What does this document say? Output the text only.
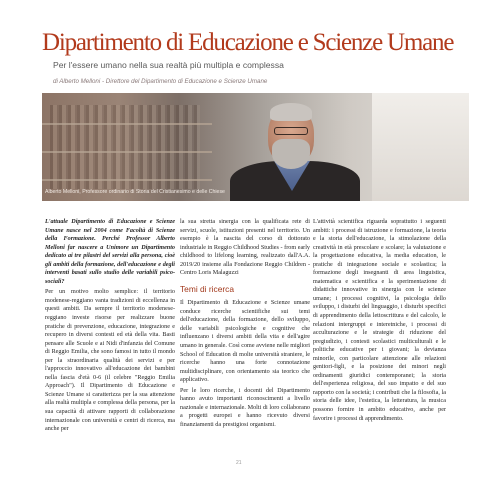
Dipartimento di Educazione e Scienze Umane
Per l'essere umano nella sua realtà più multipla e complessa
di Alberto Melloni - Direttore del Dipartimento di Educazione e Scienze Umane
Alberto Melloni, Professore ordinario di Storia del Cristianesimo e delle Chiese

L'attuale Dipartimento di Educazione e Scienze Umane nasce nel 2004 come Facoltà di Scienze della Formazione. Perché Professor Alberto Melloni far nascere a Unimore un Dipartimento dedicato ai tre pilastri del servizi alla persona, cioè gli ambiti della formazione, dell'educazione e degli interventi basati sullo studio delle variabili psico-sociali?

Per un motivo molto semplice: il territorio modenese-reggiano vanta tradizioni di eccellenza in questi ambiti. Da sempre il territorio modenese-reggiano investe risorse per realizzare buone pratiche di prevenzione, educazione, integrazione e recupero in diversi contesti ed età della vita. Basti pensare alle Scuole e ai Nidi d'infanzia del Comune di Reggio Emilia, che sono famosi in tutto il mondo per la straordinaria qualità dei servizi e per l'approccio innovativo all'educazione dei bambini nella fascia d'età 0-6 (il celebre "Reggio Emilia Approach"). Il Dipartimento di Educazione e Scienze Umane si caratterizza per la sua attenzione alla realtà multipla e complessa della persona, per la sua capacità di attivare rapporti di collaborazione internazionale con università e centri di ricerca, ma anche per

la sua stretta sinergia con la qualificata rete di servizi, scuole, istituzioni presenti nel territorio. Un esempio è la nascita del corso di dottorato industriale in Reggio Childhood Studies - from early childhood to lifelong learning, realizzato dall'A.A. 2019/20 insieme alla Fondazione Reggio Children - Centro Loris Malaguzzi

Temi di ricerca

Il Dipartimento di Educazione e Scienze umane conduce ricerche scientifiche sui temi dell'educazione, della formazione, dello sviluppo, delle variabili psicologiche e cognitive che influenzano i diversi ambiti della vita e dell'agire umano in generale. Così come avviene nelle migliori School of Education di molte università straniere, le ricerche hanno una forte connotazione multidisciplinare, con orientamento sia teorico che applicativo.

Per le loro ricerche, i docenti del Dipartimento hanno avuto importanti riconoscimenti a livello nazionale e internazionale. Molti di loro collaborano a progetti europei e hanno ricevuto diversi finanziamenti da prestigiosi organismi.

L'attività scientifica riguarda soprattutto i seguenti ambiti: i processi di istruzione e formazione, la teoria e la storia dell'educazione, la stimolazione della creatività in età prescolare e scolare; la valutazione e la progettazione educativa, la media education, le pratiche di integrazione sociale e scolastica; la formazione degli insegnanti di area linguistica, matematica e scientifica e la sperimentazione di didattiche innovative in sinergia con le scienze umane; i processi cognitivi, la psicologia dello sviluppo, i disturbi del linguaggio, i disturbi specifici di apprendimento della lettoscrittura e del calcolo, le relazioni intergruppi e interetniche, i processi di acculturazione e le strategie di riduzione del pregiudizio, i contesti scolastici multiculturali e le politiche educative per i giovani; la devianza minorile, con particolare attenzione alle relazioni genitori-figli, e la posizione dei minori negli ordinamenti giuridici contemporanei; la storia dell'esperienza religiosa, del suo impatto e del suo rapporto con la società; i contributi che la filosofia, la storia delle idee, l'estetica, la letteratura, la musica possono fornire in ambito educativo, anche per favorire i processi di apprendimento.

21
